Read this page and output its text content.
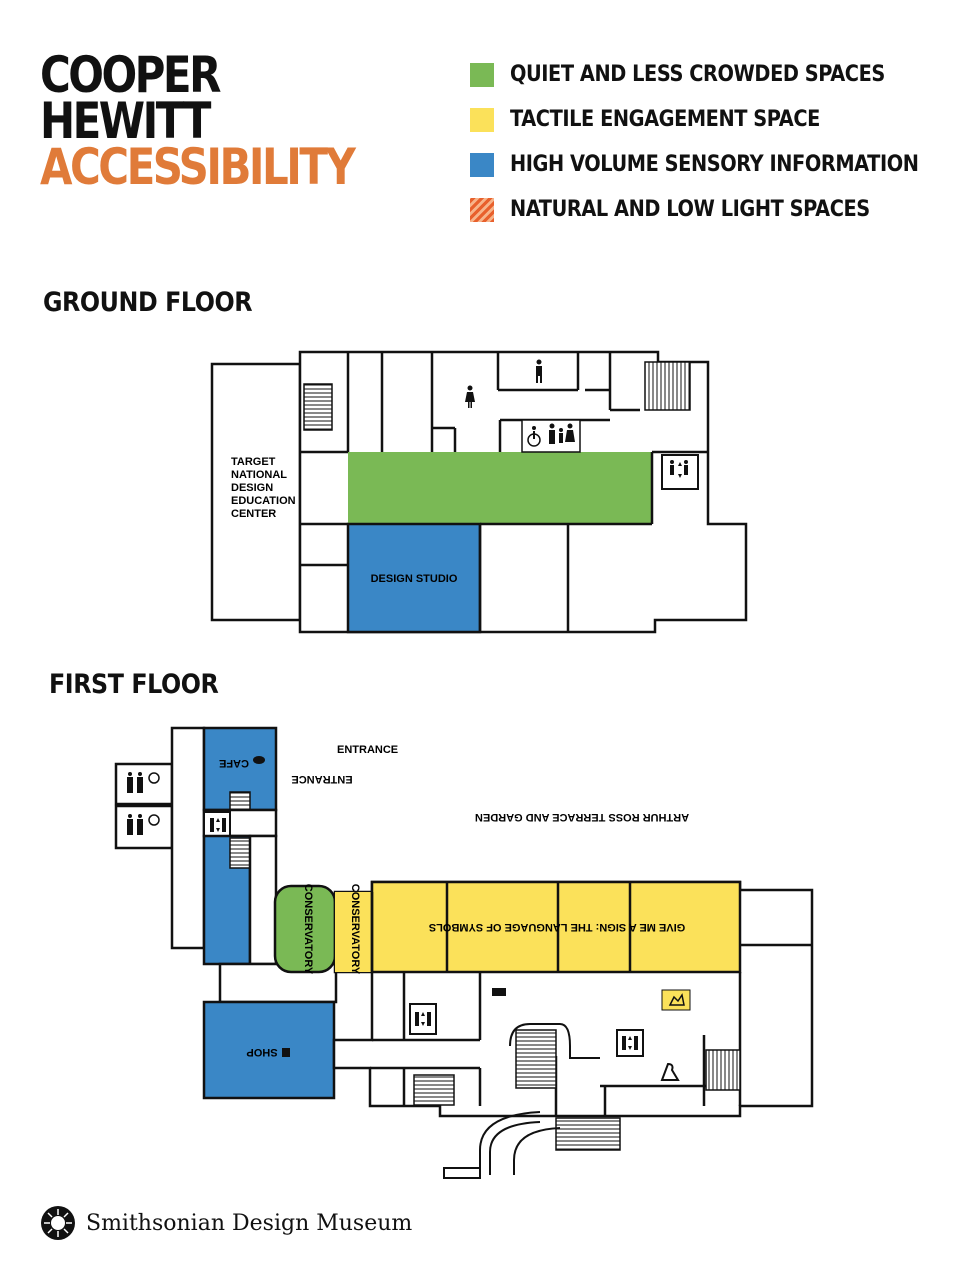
COOPER
HEWITT
ACCESSIBILITY
QUIET AND LESS CROWDED SPACES
TACTILE ENGAGEMENT SPACE
HIGH VOLUME SENSORY INFORMATION
NATURAL AND LOW LIGHT SPACES
GROUND FLOOR
FIRST FLOOR
TARGET
NATIONAL
DESIGN
EDUCATION
CENTER
DESIGN STUDIO
ENTRANCE
ENTRANCE
CAFE
ARTHUR ROSS TERRACE AND GARDEN
CONSERVATORY	CONSERVATORY	GIVE ME A SIGN: THE LANGUAGE OF SYMBOLS
SHOP
Smithsonian Design Museum
